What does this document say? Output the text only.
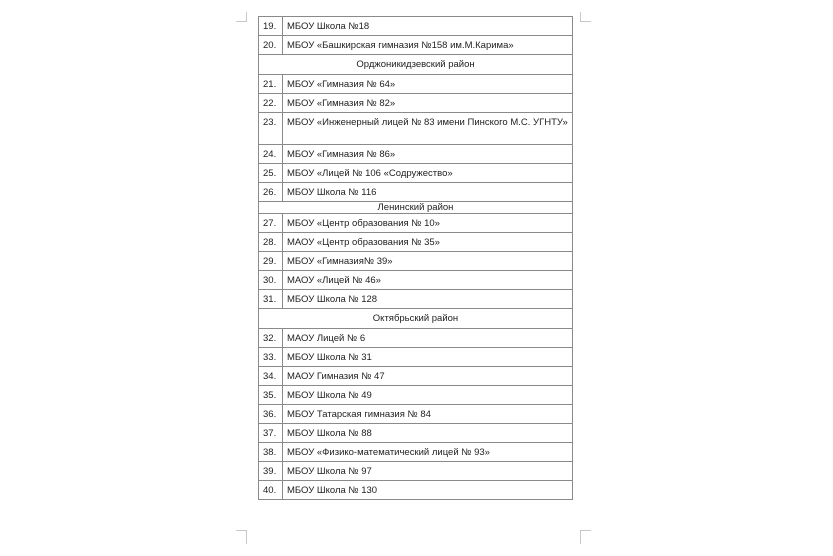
19.	МБОУ Школа №18
20.	МБОУ «Башкирская гимназия №158 им.М.Карима»
Орджоникидзевский район	
21.	МБОУ «Гимназия № 64»
22.	МБОУ «Гимназия № 82»
23.	МБОУ «Инженерный лицей № 83 имени Пинского М.С. УГНТУ»
24.	МБОУ «Гимназия № 86»
25.	МБОУ «Лицей № 106 «Содружество»
26.	МБОУ Школа № 116
Ленинский район	
27.	МБОУ «Центр образования № 10»
28.	МАОУ «Центр образования № 35»
29.	МБОУ «Гимназия№ 39»
30.	МАОУ «Лицей № 46»
31.	МБОУ Школа № 128
Октябрьский район	
32.	МАОУ Лицей № 6
33.	МБОУ Школа № 31
34.	МАОУ Гимназия № 47
35.	МБОУ Школа № 49
36.	МБОУ Татарская гимназия № 84
37.	МБОУ Школа № 88
38.	МБОУ «Физико-математический лицей № 93»
39.	МБОУ Школа № 97
40.	МБОУ Школа № 130
